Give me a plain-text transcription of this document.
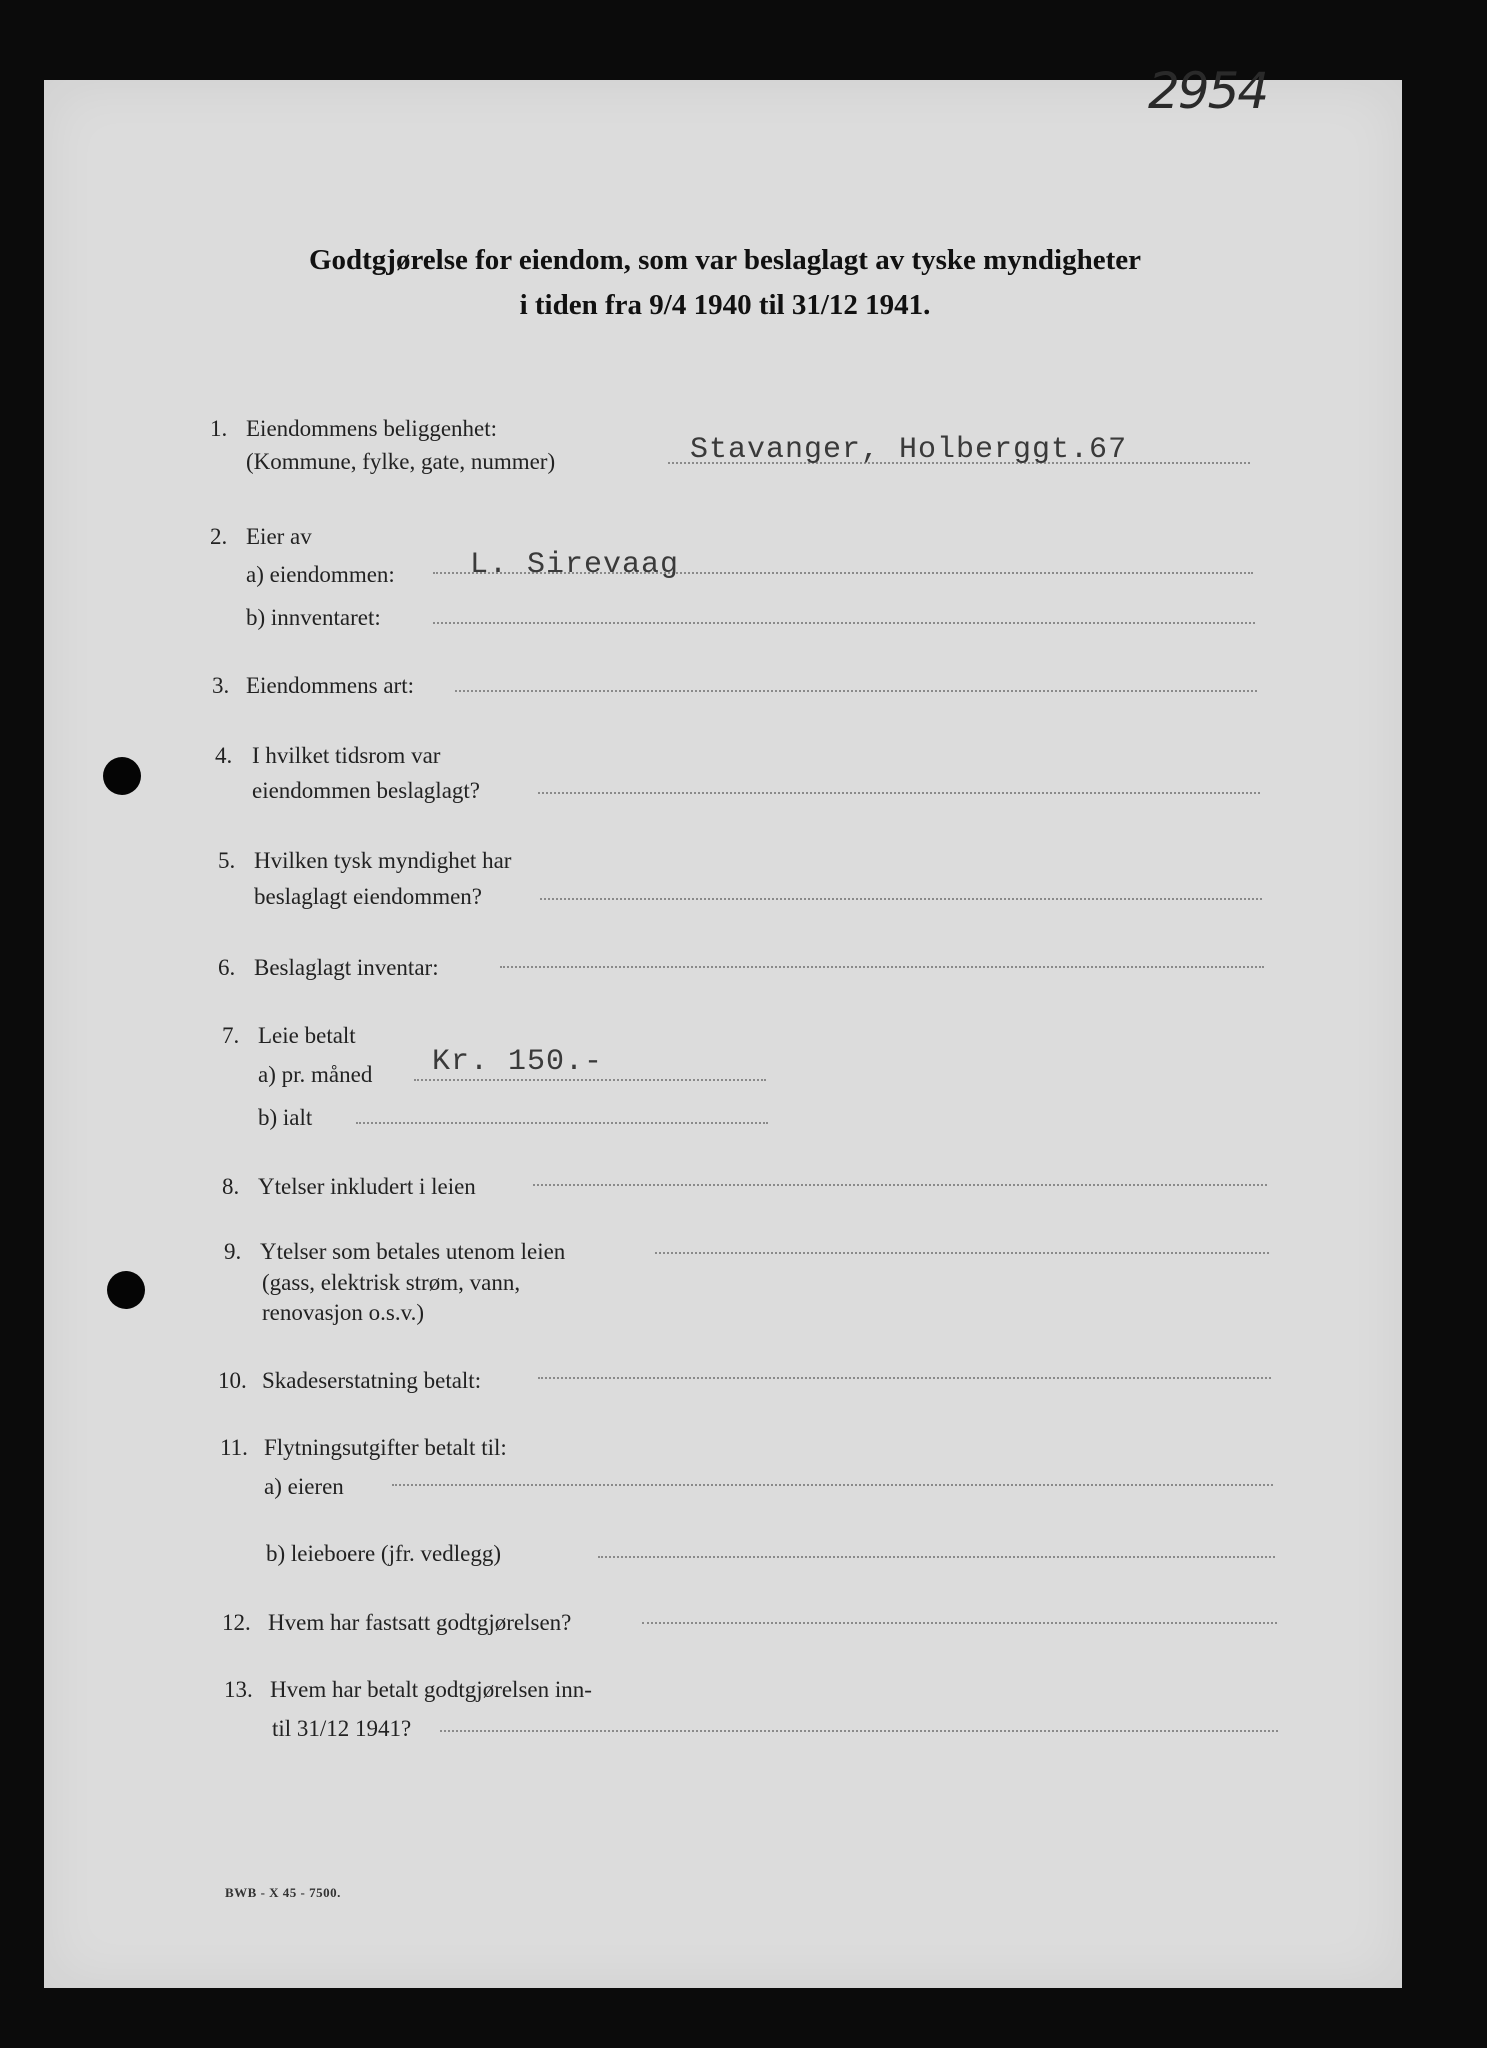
2954
Godtgjørelse for eiendom, som var beslaglagt av tyske myndigheter
i tiden fra 9/4 1940 til 31/12 1941.
1. Eiendommens beliggenhet:
(Kommune, fylke, gate, nummer)	Stavanger, Holberggt.67
2. Eier av
a) eiendommen:	L. Sirevaag
b) innventaret:
3. Eiendommens art:
4. I hvilket tidsrom var
eiendommen beslaglagt?
5. Hvilken tysk myndighet har
beslaglagt eiendommen?
6. Beslaglagt inventar:
7. Leie betalt
a) pr. måned Kr. 150.-
b) ialt
8. Ytelser inkludert i leien
9. Ytelser som betales utenom leien
(gass, elektrisk strøm, vann,
renovasjon o.s.v.)
10. Skadeserstatning betalt:
11. Flytningsutgifter betalt til:
a) eieren
b) leieboere (jfr. vedlegg)
12. Hvem har fastsatt godtgjørelsen?
13. Hvem har betalt godtgjørelsen inn-
til 31/12 1941?
BWB - X 45 - 7500.
